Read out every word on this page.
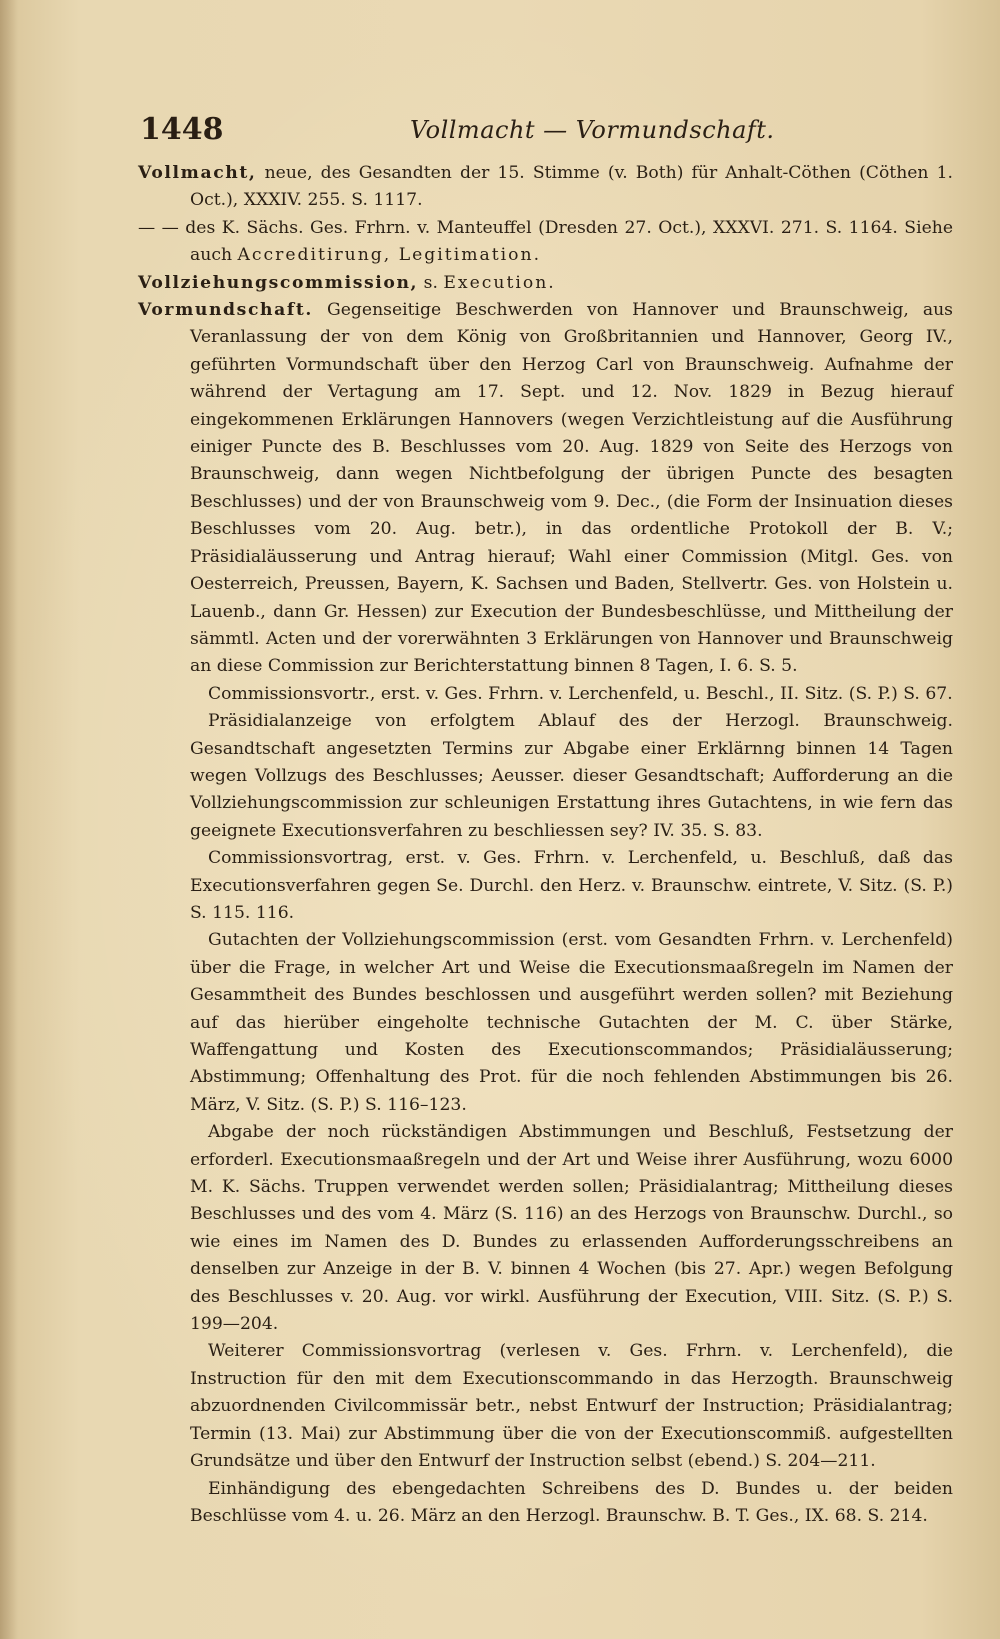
1448	Vollmacht — Vormundschaft.

Vollmacht, neue, des Gesandten der 15. Stimme (v. Both) für Anhalt-Cöthen (Cöthen 1. Oct.), XXXIV. 255. S. 1117.

— — des K. Sächs. Ges. Frhrn. v. Manteuffel (Dresden 27. Oct.), XXXVI. 271. S. 1164. Siehe auch Accreditirung, Legitimation.

Vollziehungscommission, s. Execution.

Vormundschaft. Gegenseitige Beschwerden von Hannover und Braunschweig, aus Veranlassung der von dem König von Großbritannien und Hannover, Georg IV., geführten Vormundschaft über den Herzog Carl von Braunschweig. Aufnahme der während der Vertagung am 17. Sept. und 12. Nov. 1829 in Bezug hierauf eingekommenen Erklärungen Hannovers (wegen Verzichtleistung auf die Ausführung einiger Puncte des B. Beschlusses vom 20. Aug. 1829 von Seite des Herzogs von Braunschweig, dann wegen Nichtbefolgung der übrigen Puncte des besagten Beschlusses) und der von Braunschweig vom 9. Dec., (die Form der Insinuation dieses Beschlusses vom 20. Aug. betr.), in das ordentliche Protokoll der B. V.; Präsidialäusserung und Antrag hierauf; Wahl einer Commission (Mitgl. Ges. von Oesterreich, Preussen, Bayern, K. Sachsen und Baden, Stellvertr. Ges. von Holstein u. Lauenb., dann Gr. Hessen) zur Execution der Bundesbeschlüsse, und Mittheilung der sämmtl. Acten und der vorerwähnten 3 Erklärungen von Hannover und Braunschweig an diese Commission zur Berichterstattung binnen 8 Tagen, I. 6. S. 5.

Commissionsvortr., erst. v. Ges. Frhrn. v. Lerchenfeld, u. Beschl., II. Sitz. (S. P.) S. 67.

Präsidialanzeige von erfolgtem Ablauf des der Herzogl. Braunschweig. Gesandtschaft angesetzten Termins zur Abgabe einer Erklärnng binnen 14 Tagen wegen Vollzugs des Beschlusses; Aeusser. dieser Gesandtschaft; Aufforderung an die Vollziehungscommission zur schleunigen Erstattung ihres Gutachtens, in wie fern das geeignete Executionsverfahren zu beschliessen sey? IV. 35. S. 83.

Commissionsvortrag, erst. v. Ges. Frhrn. v. Lerchenfeld, u. Beschluß, daß das Executionsverfahren gegen Se. Durchl. den Herz. v. Braunschw. eintrete, V. Sitz. (S. P.) S. 115. 116.

Gutachten der Vollziehungscommission (erst. vom Gesandten Frhrn. v. Lerchenfeld) über die Frage, in welcher Art und Weise die Executionsmaaßregeln im Namen der Gesammtheit des Bundes beschlossen und ausgeführt werden sollen? mit Beziehung auf das hierüber eingeholte technische Gutachten der M. C. über Stärke, Waffengattung und Kosten des Executionscommandos; Präsidialäusserung; Abstimmung; Offenhaltung des Prot. für die noch fehlenden Abstimmungen bis 26. März, V. Sitz. (S. P.) S. 116–123.

Abgabe der noch rückständigen Abstimmungen und Beschluß, Festsetzung der erforderl. Executionsmaaßregeln und der Art und Weise ihrer Ausführung, wozu 6000 M. K. Sächs. Truppen verwendet werden sollen; Präsidialantrag; Mittheilung dieses Beschlusses und des vom 4. März (S. 116) an des Herzogs von Braunschw. Durchl., so wie eines im Namen des D. Bundes zu erlassenden Aufforderungsschreibens an denselben zur Anzeige in der B. V. binnen 4 Wochen (bis 27. Apr.) wegen Befolgung des Beschlusses v. 20. Aug. vor wirkl. Ausführung der Execution, VIII. Sitz. (S. P.) S. 199—204.

Weiterer Commissionsvortrag (verlesen v. Ges. Frhrn. v. Lerchenfeld), die Instruction für den mit dem Executionscommando in das Herzogth. Braunschweig abzuordnenden Civilcommissär betr., nebst Entwurf der Instruction; Präsidialantrag; Termin (13. Mai) zur Abstimmung über die von der Executionscommiß. aufgestellten Grundsätze und über den Entwurf der Instruction selbst (ebend.) S. 204—211.

Einhändigung des ebengedachten Schreibens des D. Bundes u. der beiden Beschlüsse vom 4. u. 26. März an den Herzogl. Braunschw. B. T. Ges., IX. 68. S. 214.
